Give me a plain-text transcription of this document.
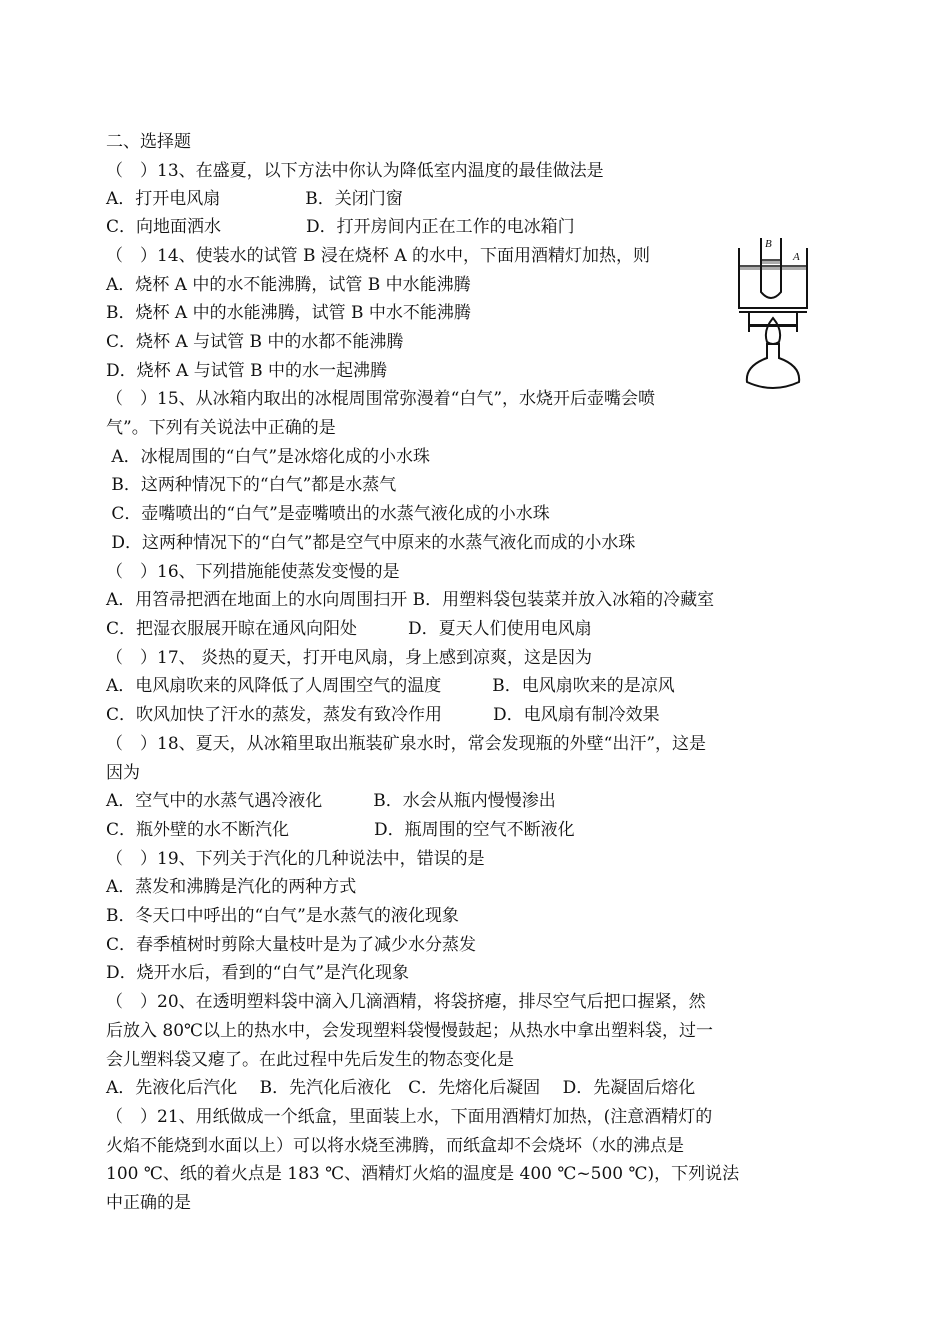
二、选择题
（　）13、在盛夏，以下方法中你认为降低室内温度的最佳做法是
A．打开电风扇　　　　　B．关闭门窗
C．向地面洒水　　　　　D．打开房间内正在工作的电冰箱门
（　）14、使装水的试管 B 浸在烧杯 A 的水中，下面用酒精灯加热，则
A．烧杯 A 中的水不能沸腾，试管 B 中水能沸腾
B．烧杯 A 中的水能沸腾，试管 B 中水不能沸腾
C．烧杯 A 与试管 B 中的水都不能沸腾
D．烧杯 A 与试管 B 中的水一起沸腾
（　）15、从冰箱内取出的冰棍周围常弥漫着“白气”，水烧开后壶嘴会喷
气”。下列有关说法中正确的是
A．冰棍周围的“白气”是冰熔化成的小水珠
B．这两种情况下的“白气”都是水蒸气
C．壶嘴喷出的“白气”是壶嘴喷出的水蒸气液化成的小水珠
D．这两种情况下的“白气”都是空气中原来的水蒸气液化而成的小水珠
（　）16、下列措施能使蒸发变慢的是
A．用笤帚把洒在地面上的水向周围扫开 B．用塑料袋包装菜并放入冰箱的冷藏室
C．把湿衣服展开晾在通风向阳处　　　D．夏天人们使用电风扇
（　）17、 炎热的夏天，打开电风扇，身上感到凉爽，这是因为
A．电风扇吹来的风降低了人周围空气的温度　　　B．电风扇吹来的是凉风
C．吹风加快了汗水的蒸发，蒸发有致冷作用　　　D．电风扇有制冷效果
（　）18、夏天，从冰箱里取出瓶装矿泉水时，常会发现瓶的外壁“出汗”，这是
因为
A．空气中的水蒸气遇冷液化　　　B．水会从瓶内慢慢渗出
C．瓶外壁的水不断汽化　　　　　D．瓶周围的空气不断液化
（　）19、下列关于汽化的几种说法中，错误的是
A．蒸发和沸腾是汽化的两种方式
B．冬天口中呼出的“白气”是水蒸气的液化现象
C．春季植树时剪除大量枝叶是为了减少水分蒸发
D．烧开水后，看到的“白气”是汽化现象
（　）20、在透明塑料袋中滴入几滴酒精，将袋挤瘪，排尽空气后把口握紧，然
后放入 80℃以上的热水中，会发现塑料袋慢慢鼓起；从热水中拿出塑料袋，过一
会儿塑料袋又瘪了。在此过程中先后发生的物态变化是
A．先液化后汽化　 B．先汽化后液化　C．先熔化后凝固　 D．先凝固后熔化
（　）21、用纸做成一个纸盒，里面装上水，下面用酒精灯加热，(注意酒精灯的
火焰不能烧到水面以上）可以将水烧至沸腾，而纸盒却不会烧坏（水的沸点是
100 ℃、纸的着火点是 183 ℃、酒精灯火焰的温度是 400 ℃~500 ℃)，下列说法
中正确的是
B
A
